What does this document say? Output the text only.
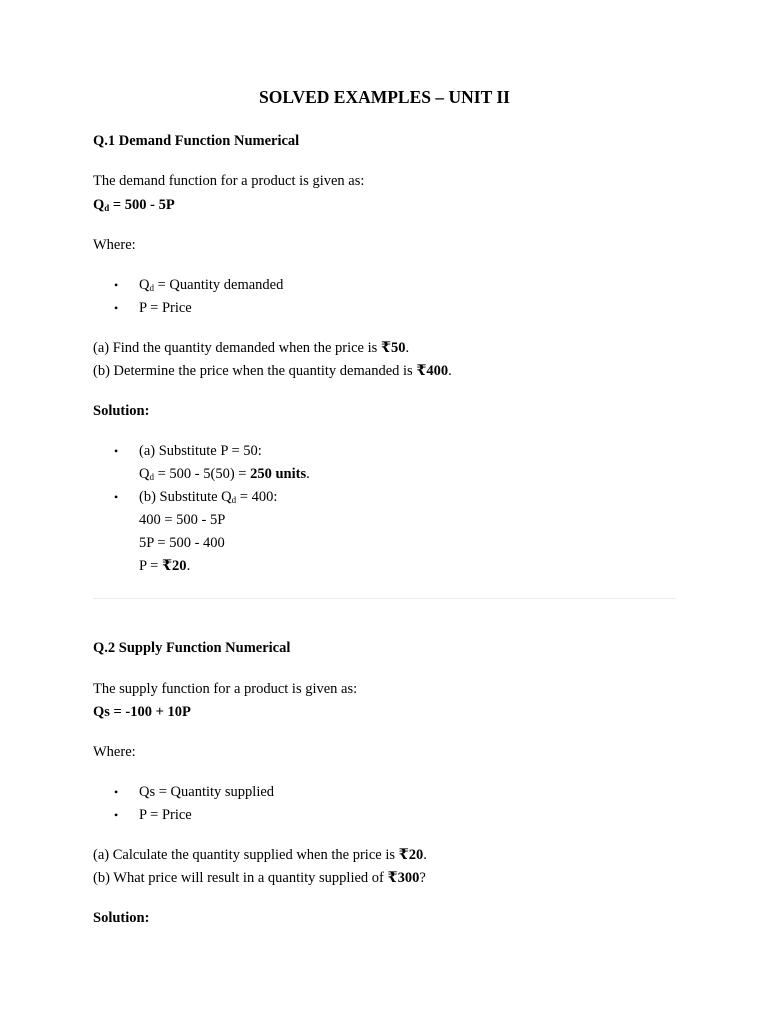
SOLVED EXAMPLES – UNIT II
Q.1 Demand Function Numerical
The demand function for a product is given as:
$Q_d = 500 - 5P$
Where:
• $Q_d$ = Quantity demanded
• P = Price
(a) Find the quantity demanded when the price is ₹50.
(b) Determine the price when the quantity demanded is ₹400.
Solution:
• (a) Substitute P = 50:
$Q_d = 500 - 5(50) = 250$ units.
• (b) Substitute $Q_d = 400$:
400 = 500 - 5P
5P = 500 - 400
P = ₹20.
Q.2 Supply Function Numerical
The supply function for a product is given as:
Qs = -100 + 10P
Where:
• Qs = Quantity supplied
• P = Price
(a) Calculate the quantity supplied when the price is ₹20.
(b) What price will result in a quantity supplied of ₹300?
Solution:
